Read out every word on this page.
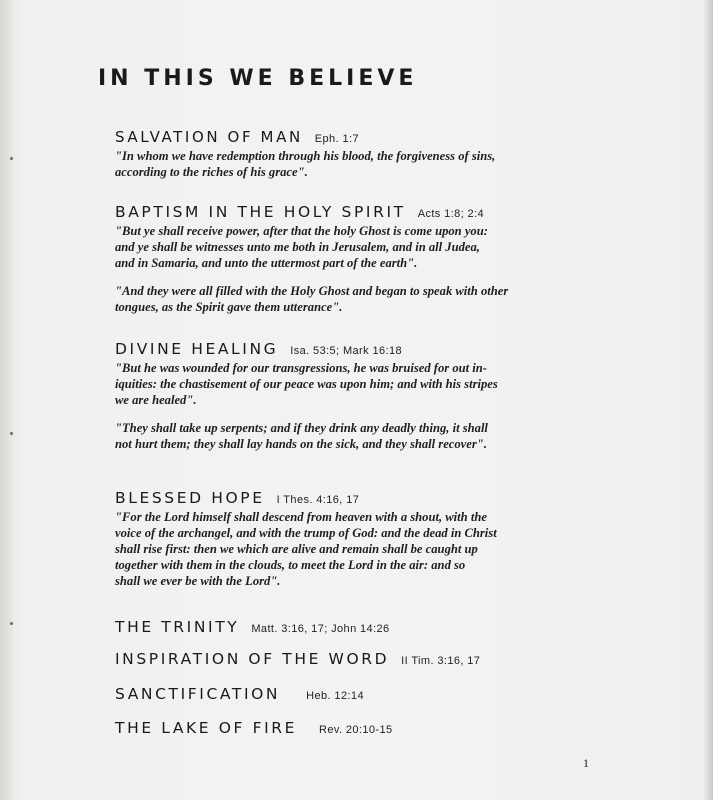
IN THIS WE BELIEVE
SALVATION OF MAN Eph. 1:7

"In whom we have redemption through his blood, the forgiveness of sins,
according to the riches of his grace".

BAPTISM IN THE HOLY SPIRIT Acts 1:8; 2:4

"But ye shall receive power, after that the holy Ghost is come upon you:
and ye shall be witnesses unto me both in Jerusalem, and in all Judea,
and in Samaria, and unto the uttermost part of the earth".

"And they were all filled with the Holy Ghost and began to speak with other
tongues, as the Spirit gave them utterance".

DIVINE HEALING Isa. 53:5; Mark 16:18

"But he was wounded for our transgressions, he was bruised for out in-
iquities: the chastisement of our peace was upon him; and with his stripes
we are healed".

"They shall take up serpents; and if they drink any deadly thing, it shall
not hurt them; they shall lay hands on the sick, and they shall recover".

BLESSED HOPE I Thes. 4:16, 17

"For the Lord himself shall descend from heaven with a shout, with the
voice of the archangel, and with the trump of God: and the dead in Christ
shall rise first: then we which are alive and remain shall be caught up
together with them in the clouds, to meet the Lord in the air: and so
shall we ever be with the Lord".

THE TRINITY Matt. 3:16, 17; John 14:26
INSPIRATION OF THE WORD II Tim. 3:16, 17
SANCTIFICATION Heb. 12:14
THE LAKE OF FIRE Rev. 20:10-15
1
